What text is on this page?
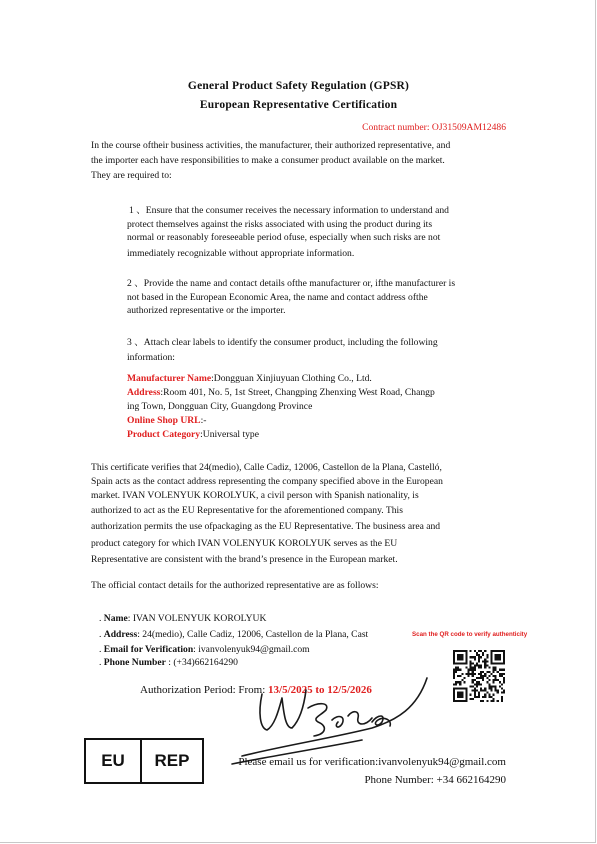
General Product Safety Regulation (GPSR)
European Representative Certification
Contract number: OJ31509AM12486
In the course oftheir business activities, the manufacturer, their authorized representative, and
the importer each have responsibilities to make a consumer product available on the market.
They are required to:
1 、Ensure that the consumer receives the necessary information to understand and
protect themselves against the risks associated with using the product during its
normal or reasonably foreseeable period ofuse, especially when such risks are not
immediately recognizable without appropriate information.
2 、Provide the name and contact details ofthe manufacturer or, ifthe manufacturer is
not based in the European Economic Area, the name and contact address ofthe
authorized representative or the importer.
3 、Attach clear labels to identify the consumer product, including the following
information:
Manufacturer Name:Dongguan Xinjiuyuan Clothing Co., Ltd.
Address:Room 401, No. 5, 1st Street, Changping Zhenxing West Road, Changp
ing Town, Dongguan City, Guangdong Province
Online Shop URL:-
Product Category:Universal type
This certificate verifies that 24(medio), Calle Cadiz, 12006, Castellon de la Plana, Castelló,
Spain acts as the contact address representing the company specified above in the European
market. IVAN VOLENYUK KOROLYUK, a civil person with Spanish nationality, is
authorized to act as the EU Representative for the aforementioned company. This
authorization permits the use ofpackaging as the EU Representative. The business area and
product category for which IVAN VOLENYUK KOROLYUK serves as the EU
Representative are consistent with the brand’s presence in the European market.
The official contact details for the authorized representative are as follows:
. Name: IVAN VOLENYUK KOROLYUK
. Address: 24(medio), Calle Cadiz, 12006, Castellon de la Plana, Cast	Scan the QR code to verify authenticity
. Email for Verification: ivanvolenyuk94@gmail.com
. Phone Number : (+34)662164290
Authorization Period: From: 13/5/2025 to 12/5/2026
EU	REP	Please email us for verification:ivanvolenyuk94@gmail.com
Phone Number: +34 662164290
